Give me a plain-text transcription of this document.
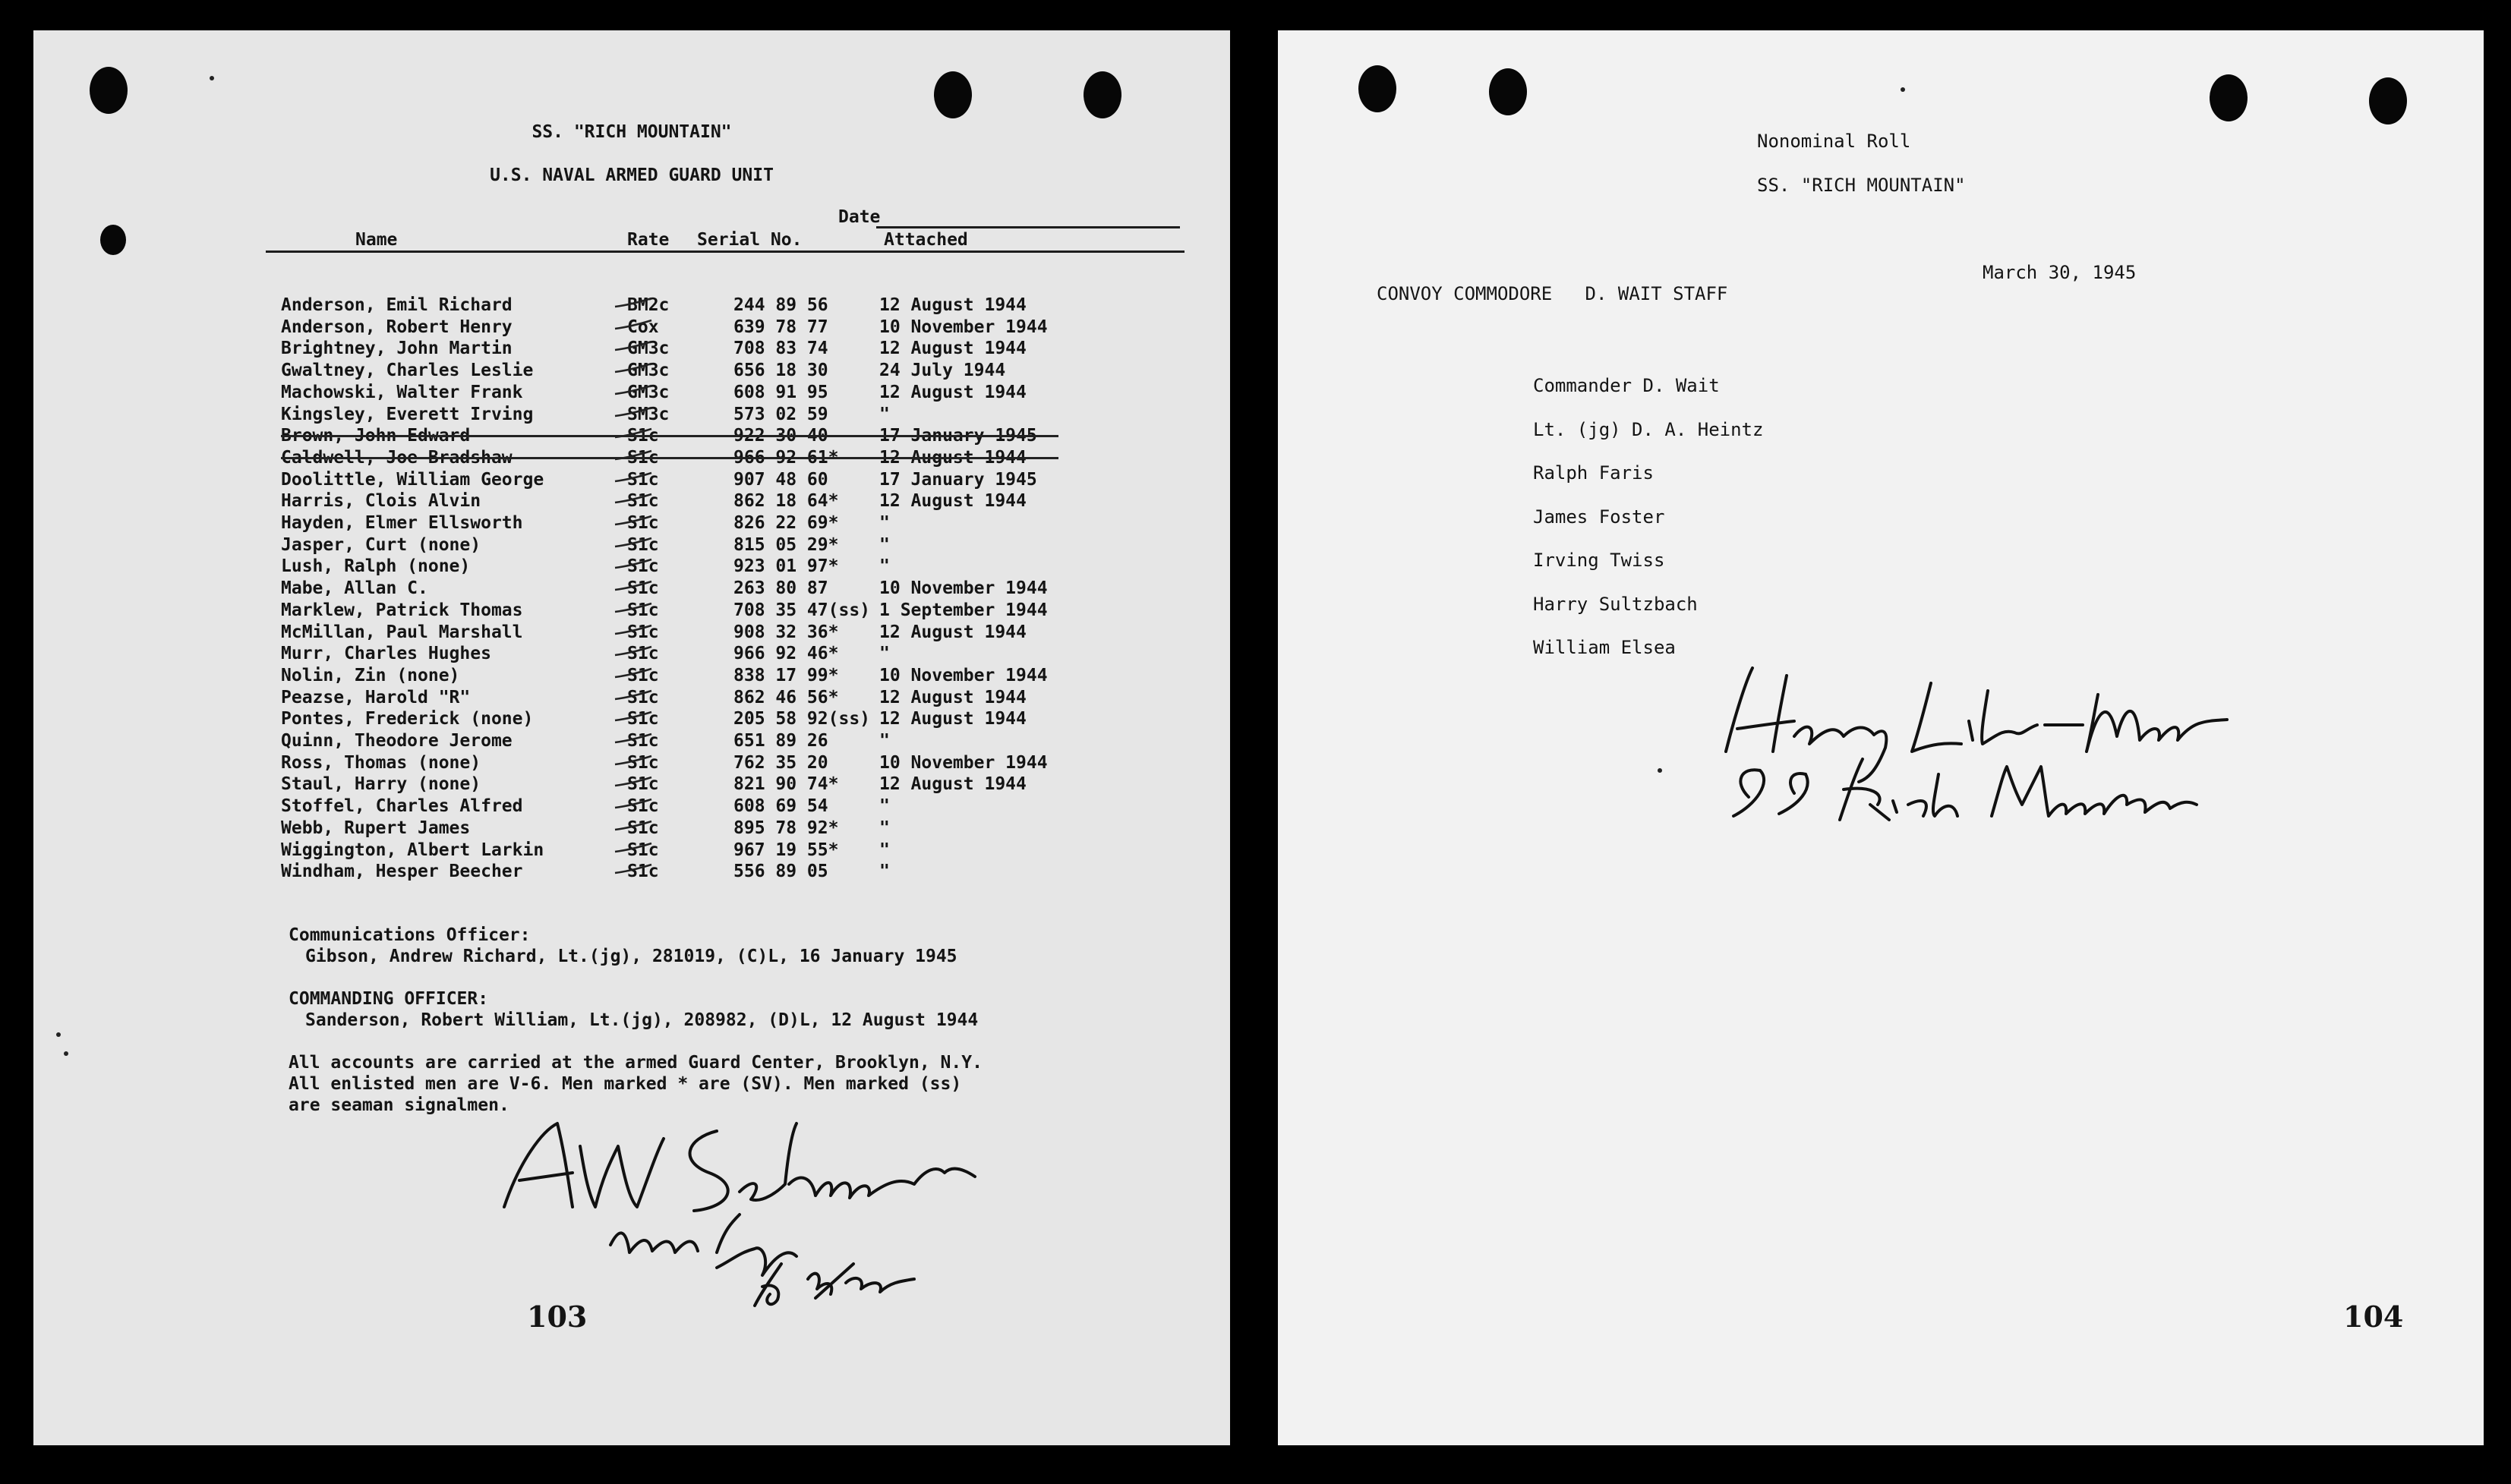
SS. "RICH MOUNTAIN"
U.S. NAVAL ARMED GUARD UNIT
Date
Name	Rate Serial No.	Attached
Anderson, Emil Richard	BM2c	244 89 56	12 August 1944
Anderson, Robert Henry	Cox	639 78 77	10 November 1944
Brightney, John Martin	GM3c	708 83 74	12 August 1944
Gwaltney, Charles Leslie	GM3c	656 18 30	24 July 1944
Machowski, Walter Frank	GM3c	608 91 95	12 August 1944
Kingsley, Everett Irving	SM3c	573 02 59	"
Brown, John Edward	S1c	922 30 40	17 January 1945
Caldwell, Joe Bradshaw	S1c	966 92 61* 12 August 1944
Doolittle, William George	S1c	907 48 60	17 January 1945
Harris, Clois Alvin	S1c	862 18 64* 12 August 1944
Hayden, Elmer Ellsworth	S1c	826 22 69* "
Jasper, Curt (none)	S1c	815 05 29* "
Lush, Ralph (none)	S1c	923 01 97* "
Mabe, Allan C.	S1c	263 80 87	10 November 1944
Marklew, Patrick Thomas	S1c	708 35 47(ss) 1 September 1944
McMillan, Paul Marshall	S1c	908 32 36* 12 August 1944
Murr, Charles Hughes	S1c	966 92 46* "
Nolin, Zin (none)	S1c	838 17 99* 10 November 1944
Peazse, Harold "R"	S1c	862 46 56* 12 August 1944
Pontes, Frederick (none)	S1c	205 58 92(ss) 12 August 1944
Quinn, Theodore Jerome	S1c	651 89 26	"
Ross, Thomas (none)	S1c	762 35 20	10 November 1944
Staul, Harry (none)	S1c	821 90 74* 12 August 1944
Stoffel, Charles Alfred	S1c	608 69 54	"
Webb, Rupert James	S1c	895 78 92* "
Wiggington, Albert Larkin	S1c	967 19 55* "
Windham, Hesper Beecher	S1c	556 89 05	"
Communications Officer:
Gibson, Andrew Richard, Lt.(jg), 281019, (C)L, 16 January 1945
COMMANDING OFFICER:
Sanderson, Robert William, Lt.(jg), 208982, (D)L, 12 August 1944
All accounts are carried at the armed Guard Center, Brooklyn, N.Y.
All enlisted men are V-6. Men marked * are (SV). Men marked (ss)
are seaman signalmen.
103
Nonominal Roll
SS. "RICH MOUNTAIN"
March 30, 1945
CONVOY COMMODORE   D. WAIT STAFF
Commander D. Wait
Lt. (jg) D. A. Heintz
Ralph Faris
James Foster
Irving Twiss
Harry Sultzbach
William Elsea
104
